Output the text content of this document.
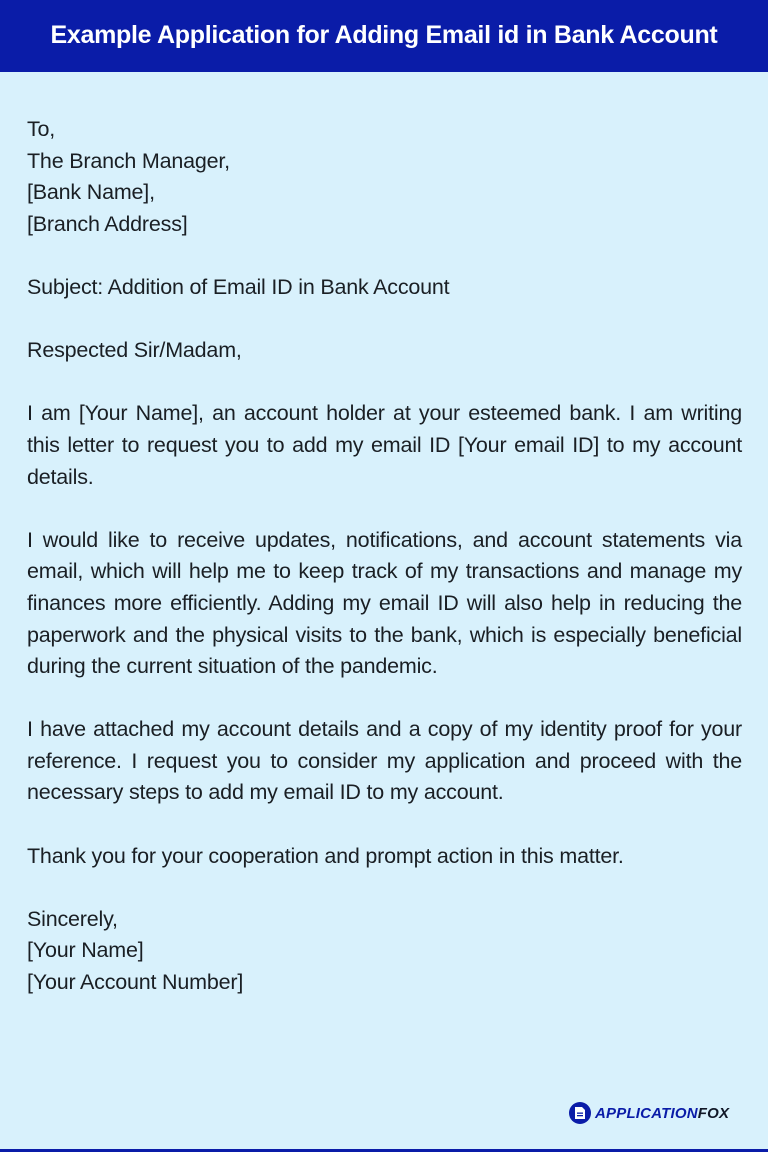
Example Application for Adding Email id in Bank Account
To,
The Branch Manager,
[Bank Name],
[Branch Address]
Subject: Addition of Email ID in Bank Account
Respected Sir/Madam,

I am [Your Name], an account holder at your esteemed bank. I am writing this letter to request you to add my email ID [Your email ID] to my account details.

I would like to receive updates, notifications, and account statements via email, which will help me to keep track of my transactions and manage my finances more efficiently. Adding my email ID will also help in reducing the paperwork and the physical visits to the bank, which is especially beneficial during the current situation of the pandemic.

I have attached my account details and a copy of my identity proof for your reference. I request you to consider my application and proceed with the necessary steps to add my email ID to my account.

Thank you for your cooperation and prompt action in this matter.

Sincerely,
[Your Name]
[Your Account Number]
APPLICATIONFOX
